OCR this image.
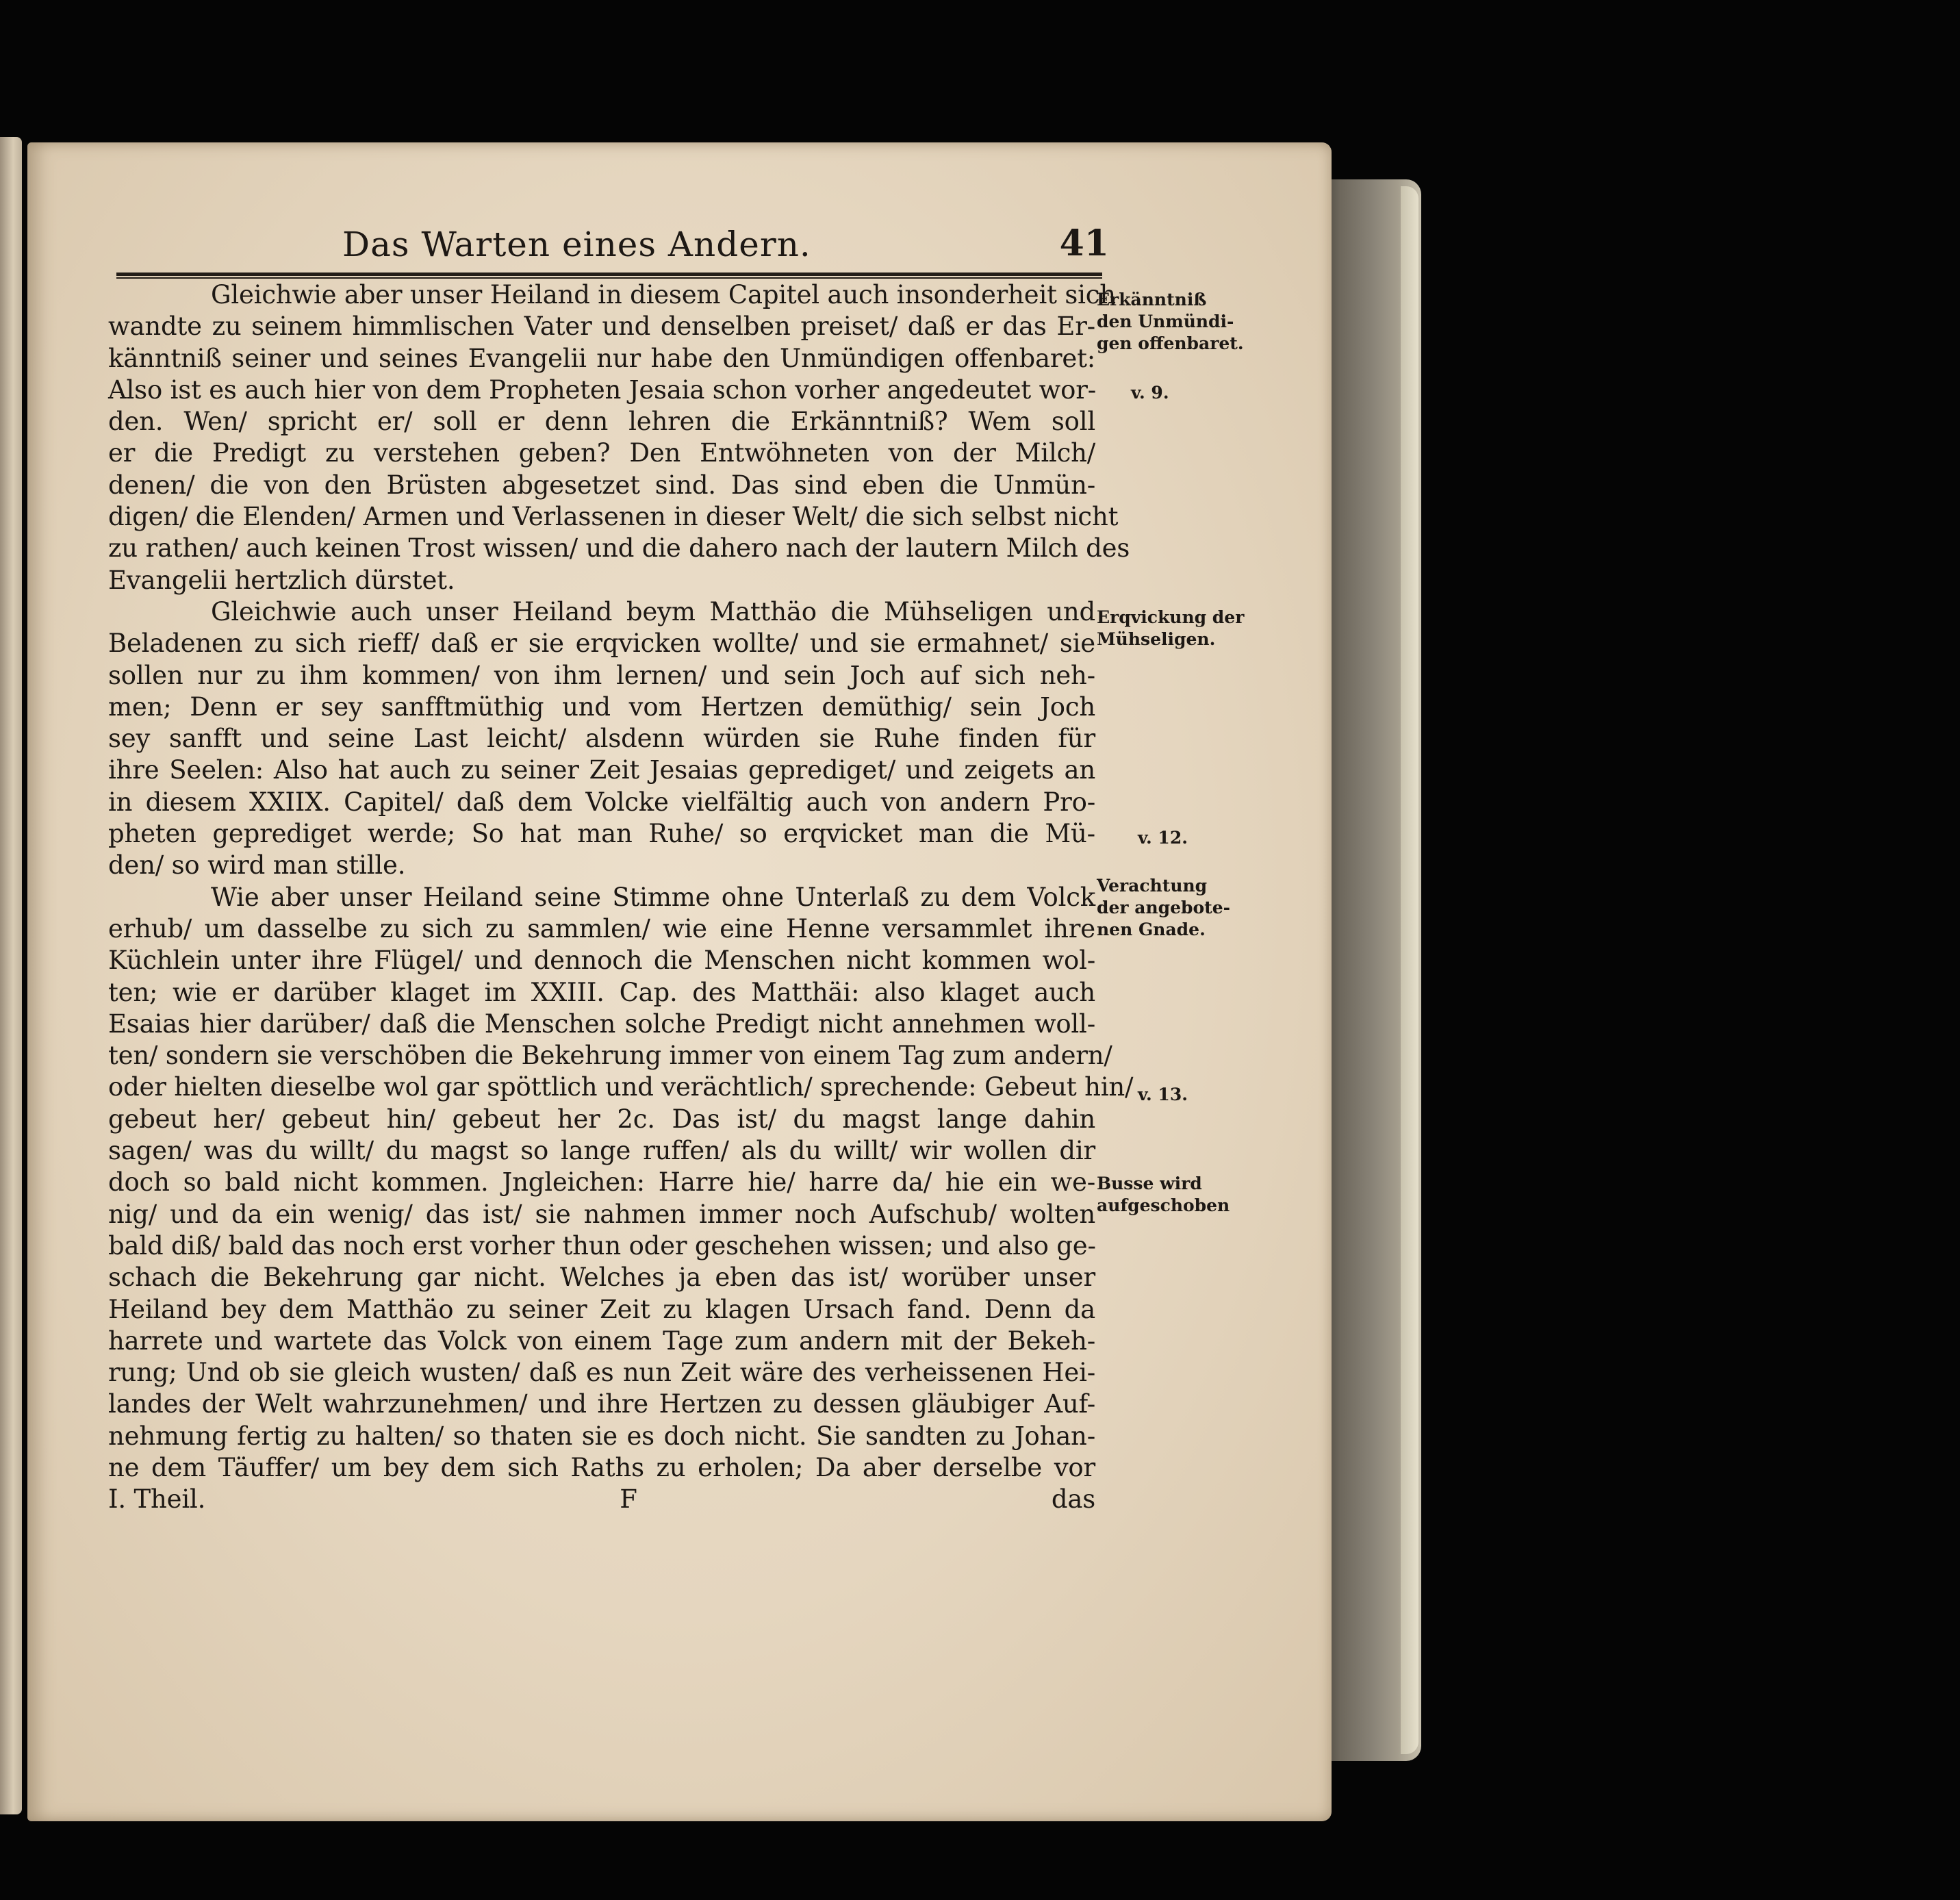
Das Warten eines Andern.	41
Gleichwie aber unser Heiland in diesem Capitel auch insonderheit sich
wandte zu seinem himmlischen Vater und denselben preiset/ daß er das Er-
känntniß seiner und seines Evangelii nur habe den Unmündigen offenbaret:
Also ist es auch hier von dem Propheten Jesaia schon vorher angedeutet wor-
den. Wen/ spricht er/ soll er denn lehren die Erkänntniß? Wem soll
er die Predigt zu verstehen geben? Den Entwöhneten von der Milch/
denen/ die von den Brüsten abgesetzet sind. Das sind eben die Unmün-
digen/ die Elenden/ Armen und Verlassenen in dieser Welt/ die sich selbst nicht
zu rathen/ auch keinen Trost wissen/ und die dahero nach der lautern Milch des
Evangelii hertzlich dürstet.
Gleichwie auch unser Heiland beym Matthäo die Mühseligen und
Beladenen zu sich rieff/ daß er sie erqvicken wollte/ und sie ermahnet/ sie
sollen nur zu ihm kommen/ von ihm lernen/ und sein Joch auf sich neh-
men; Denn er sey sanfftmüthig und vom Hertzen demüthig/ sein Joch
sey sanfft und seine Last leicht/ alsdenn würden sie Ruhe finden für
ihre Seelen: Also hat auch zu seiner Zeit Jesaias geprediget/ und zeigets an
in diesem XXIIX. Capitel/ daß dem Volcke vielfältig auch von andern Pro-
pheten geprediget werde; So hat man Ruhe/ so erqvicket man die Mü-
den/ so wird man stille.
Wie aber unser Heiland seine Stimme ohne Unterlaß zu dem Volck
erhub/ um dasselbe zu sich zu sammlen/ wie eine Henne versammlet ihre
Küchlein unter ihre Flügel/ und dennoch die Menschen nicht kommen wol-
ten; wie er darüber klaget im XXIII. Cap. des Matthäi: also klaget auch
Esaias hier darüber/ daß die Menschen solche Predigt nicht annehmen woll-
ten/ sondern sie verschöben die Bekehrung immer von einem Tag zum andern/
oder hielten dieselbe wol gar spöttlich und verächtlich/ sprechende: Gebeut hin/
gebeut her/ gebeut hin/ gebeut her 2c. Das ist/ du magst lange dahin
sagen/ was du willt/ du magst so lange ruffen/ als du willt/ wir wollen dir
doch so bald nicht kommen. Jngleichen: Harre hie/ harre da/ hie ein we-
nig/ und da ein wenig/ das ist/ sie nahmen immer noch Aufschub/ wolten
bald diß/ bald das noch erst vorher thun oder geschehen wissen; und also ge-
schach die Bekehrung gar nicht. Welches ja eben das ist/ worüber unser
Heiland bey dem Matthäo zu seiner Zeit zu klagen Ursach fand. Denn da
harrete und wartete das Volck von einem Tage zum andern mit der Bekeh-
rung; Und ob sie gleich wusten/ daß es nun Zeit wäre des verheissenen Hei-
landes der Welt wahrzunehmen/ und ihre Hertzen zu dessen gläubiger Auf-
nehmung fertig zu halten/ so thaten sie es doch nicht. Sie sandten zu Johan-
ne dem Täuffer/ um bey dem sich Raths zu erholen; Da aber derselbe vor
I. Theil.	F	das
Erkänntniß
den Unmündi-
gen offenbaret.
v. 9.
Erqvickung der
Mühseligen.
v. 12.
Verachtung
der angebote-
nen Gnade.
v. 13.
Busse wird
aufgeschoben
